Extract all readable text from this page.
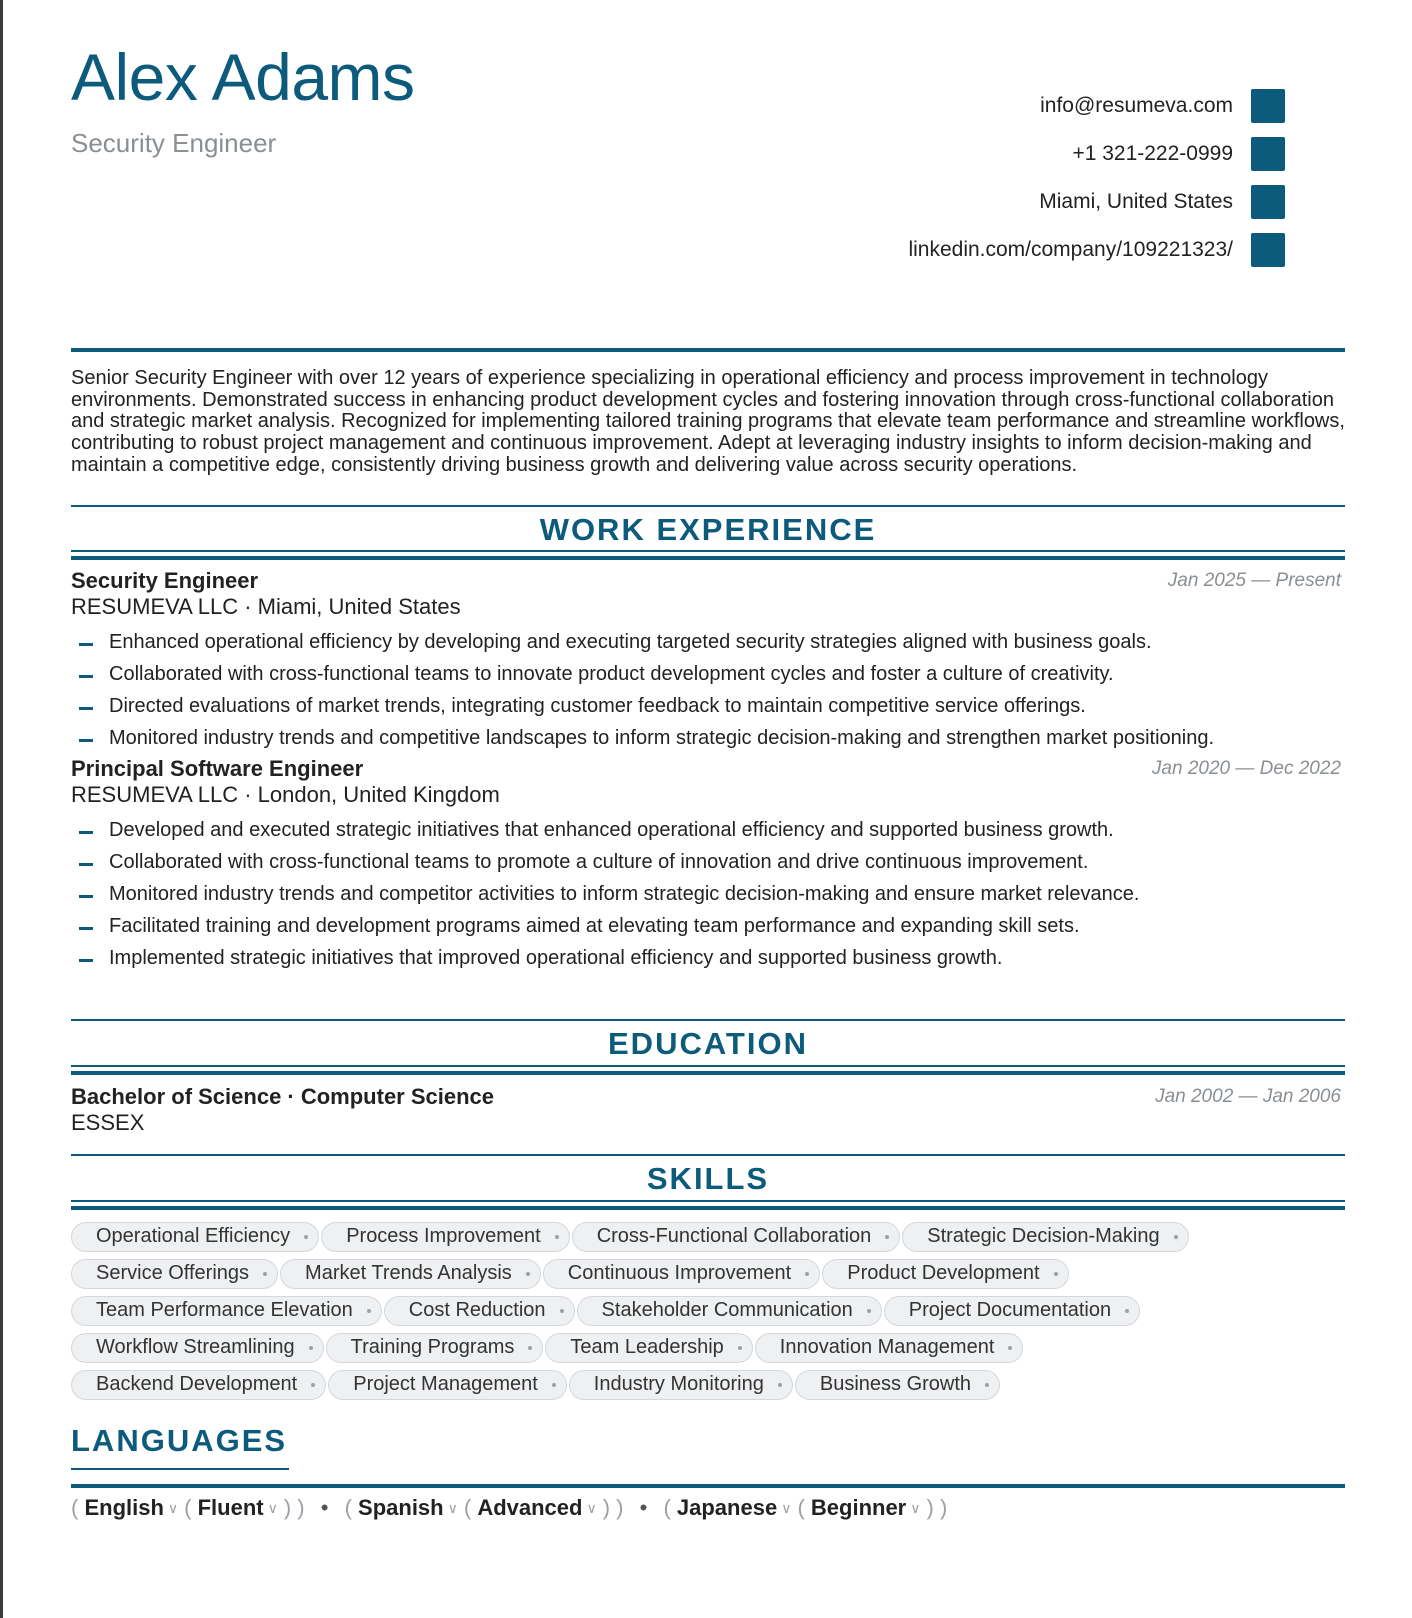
Alex Adams
Security Engineer
info@resumeva.com
+1 321-222-0999
Miami, United States
linkedin.com/company/109221323/
Senior Security Engineer with over 12 years of experience specializing in operational efficiency and process improvement in technology environments. Demonstrated success in enhancing product development cycles and fostering innovation through cross-functional collaboration and strategic market analysis. Recognized for implementing tailored training programs that elevate team performance and streamline workflows, contributing to robust project management and continuous improvement. Adept at leveraging industry insights to inform decision-making and maintain a competitive edge, consistently driving business growth and delivering value across security operations.
WORK EXPERIENCE
Security Engineer	Jan 2025 — Present
RESUMEVA LLC · Miami, United States
Enhanced operational efficiency by developing and executing targeted security strategies aligned with business goals.
Collaborated with cross-functional teams to innovate product development cycles and foster a culture of creativity.
Directed evaluations of market trends, integrating customer feedback to maintain competitive service offerings.
Monitored industry trends and competitive landscapes to inform strategic decision-making and strengthen market positioning.
Principal Software Engineer	Jan 2020 — Dec 2022
RESUMEVA LLC · London, United Kingdom
Developed and executed strategic initiatives that enhanced operational efficiency and supported business growth.
Collaborated with cross-functional teams to promote a culture of innovation and drive continuous improvement.
Monitored industry trends and competitor activities to inform strategic decision-making and ensure market relevance.
Facilitated training and development programs aimed at elevating team performance and expanding skill sets.
Implemented strategic initiatives that improved operational efficiency and supported business growth.
EDUCATION
Bachelor of Science · Computer Science	Jan 2002 — Jan 2006
ESSEX
SKILLS
Operational Efficiency	Process Improvement	Cross-Functional Collaboration	Strategic Decision-Making
Service Offerings	Market Trends Analysis	Continuous Improvement	Product Development
Team Performance Elevation	Cost Reduction	Stakeholder Communication	Project Documentation
Workflow Streamlining	Training Programs	Team Leadership	Innovation Management
Backend Development	Project Management	Industry Monitoring	Business Growth
LANGUAGES
( English ∨ ( Fluent ∨ ) ) • ( Spanish ∨ ( Advanced ∨ ) ) • ( Japanese ∨ ( Beginner ∨ ) )
